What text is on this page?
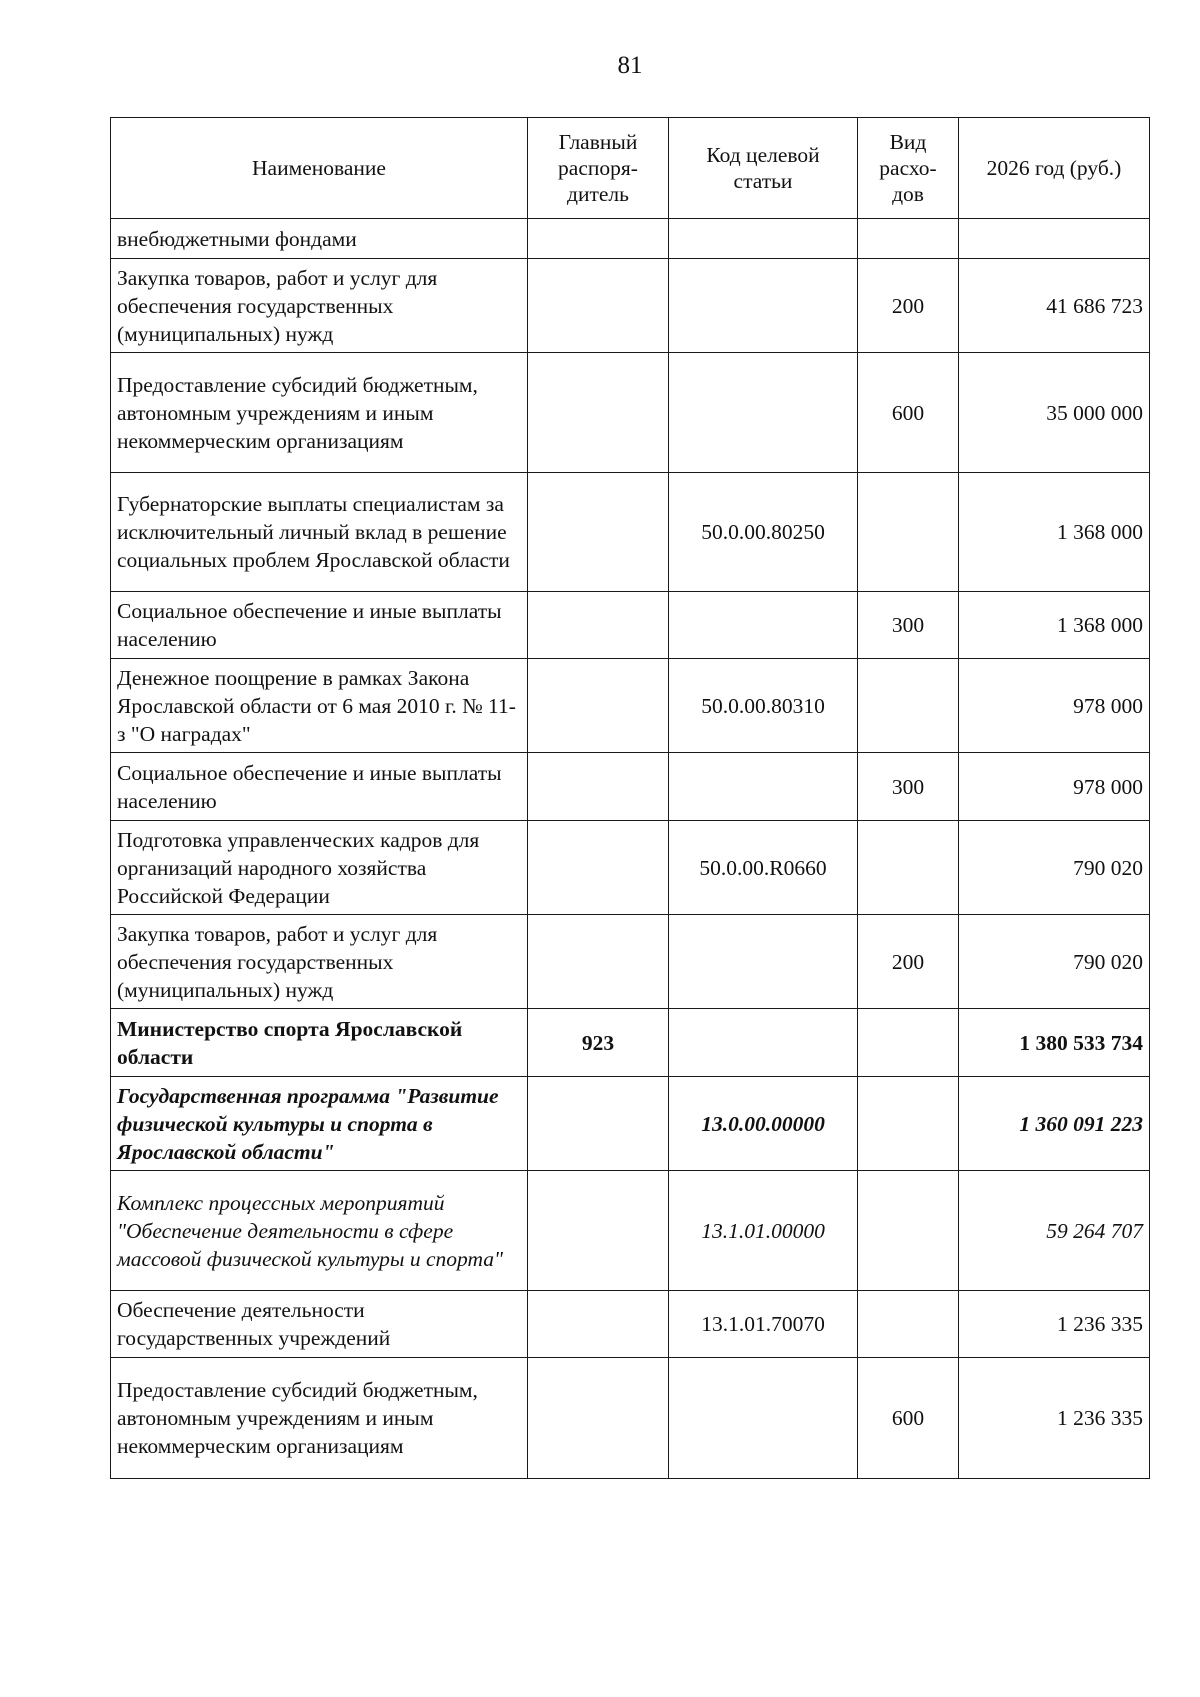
81
Наименование	Главный распоря-дитель	Код целевой статьи	Вид расхо-дов	2026 год (руб.)
внебюджетными фондами				
Закупка товаров, работ и услуг для обеспечения государственных (муниципальных) нужд			200	41 686 723
Предоставление субсидий бюджетным, автономным учреждениям и иным некоммерческим организациям			600	35 000 000
Губернаторские выплаты специалистам за исключительный личный вклад в решение социальных проблем Ярославской области		50.0.00.80250		1 368 000
Социальное обеспечение и иные выплаты населению			300	1 368 000
Денежное поощрение в рамках Закона Ярославской области от 6 мая 2010 г. № 11-з "О наградах"		50.0.00.80310		978 000
Социальное обеспечение и иные выплаты населению			300	978 000
Подготовка управленческих кадров для организаций народного хозяйства Российской Федерации		50.0.00.R0660		790 020
Закупка товаров, работ и услуг для обеспечения государственных (муниципальных) нужд			200	790 020
Министерство спорта Ярославской области	923			1 380 533 734
Государственная программа "Развитие физической культуры и спорта в Ярославской области"		13.0.00.00000		1 360 091 223
Комплекс процессных мероприятий "Обеспечение деятельности в сфере массовой физической культуры и спорта"		13.1.01.00000		59 264 707
Обеспечение деятельности государственных учреждений		13.1.01.70070		1 236 335
Предоставление субсидий бюджетным, автономным учреждениям и иным некоммерческим организациям			600	1 236 335
